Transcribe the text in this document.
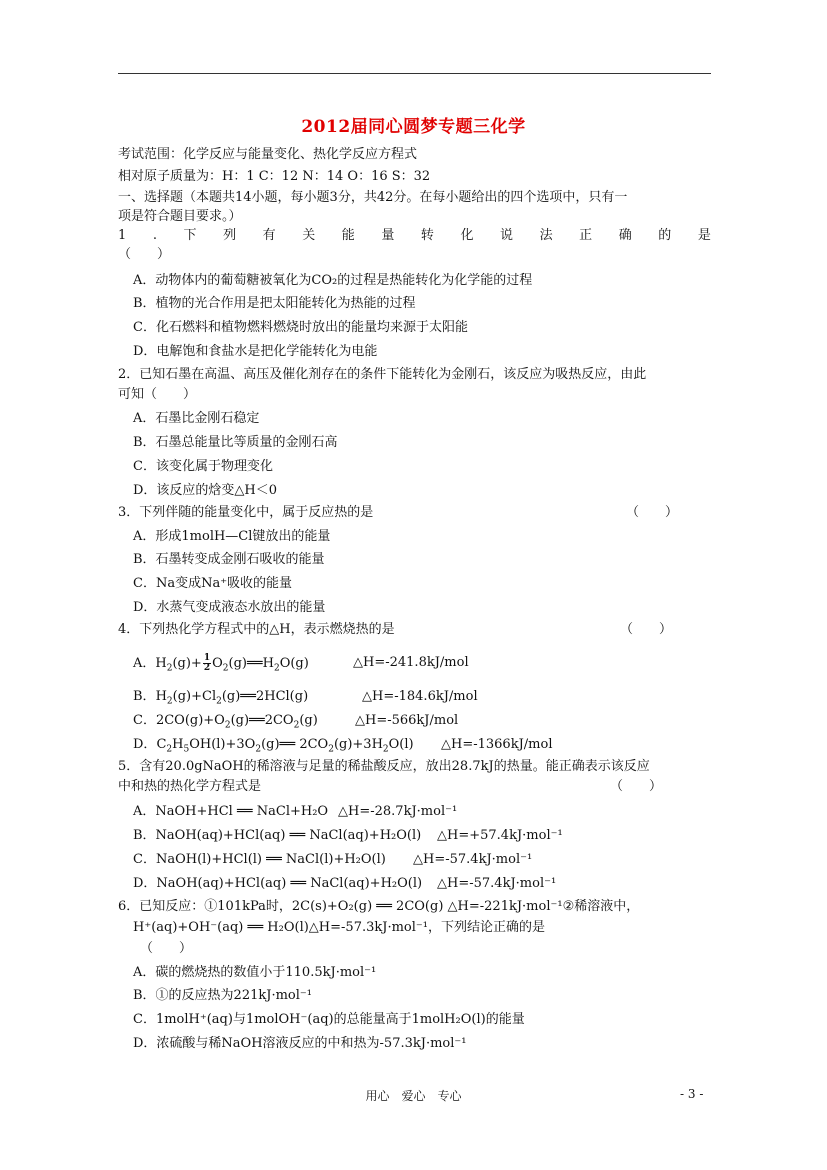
2012届同心圆梦专题三化学
考试范围：化学反应与能量变化、热化学反应方程式
相对原子质量为：H：1 C：12 N：14 O：16 S：32
一、选择题（本题共14小题，每小题3分，共42分。在每小题给出的四个选项中，只有一
项是符合题目要求。）
1 . 下 列 有 关 能 量 转 化 说 法 正 确 的 是
（　　）
A．动物体内的葡萄糖被氧化为CO₂的过程是热能转化为化学能的过程
B．植物的光合作用是把太阳能转化为热能的过程
C．化石燃料和植物燃料燃烧时放出的能量均来源于太阳能
D．电解饱和食盐水是把化学能转化为电能
2．已知石墨在高温、高压及催化剂存在的条件下能转化为金刚石，该反应为吸热反应，由此
可知（　　）
A．石墨比金刚石稳定
B．石墨总能量比等质量的金刚石高
C．该变化属于物理变化
D．该反应的焓变△H＜0
3．下列伴随的能量变化中，属于反应热的是	（　　）
A．形成1molH—Cl键放出的能量
B．石墨转变成金刚石吸收的能量
C．Na变成Na⁺吸收的能量
D．水蒸气变成液态水放出的能量
4．下列热化学方程式中的△H，表示燃烧热的是	（　　）
A．$H_2(g)+ \frac{1}{2}$ $O_2(g)══H_2O(g)$	△H=-241.8kJ/mol
B．$H_2(g)+Cl_2(g)══2HCl(g)$	△H=-184.6kJ/mol
C．$2CO(g)+O_2(g)══2CO_2(g)$	△H=-566kJ/mol
D．$C_2H_5OH(l)+3O_2(g)══$ $2CO_2(g)+3H_2O(l)$ △H=-1366kJ/mol
5．含有20.0gNaOH的稀溶液与足量的稀盐酸反应，放出28.7kJ的热量。能正确表示该反应
中和热的热化学方程式是	（　　）
A．NaOH+HCl ══ NaCl+H₂O △H=-28.7kJ·mol⁻¹
B．NaOH(aq)+HCl(aq) ══ NaCl(aq)+H₂O(l) △H=+57.4kJ·mol⁻¹
C．NaOH(l)+HCl(l) ══ NaCl(l)+H₂O(l) △H=-57.4kJ·mol⁻¹
D．NaOH(aq)+HCl(aq) ══ NaCl(aq)+H₂O(l) △H=-57.4kJ·mol⁻¹
6．已知反应：①101kPa时，2C(s)+O₂(g) ══ 2CO(g) △H=-221kJ·mol⁻¹②稀溶液中，
H⁺(aq)+OH⁻(aq) ══ H₂O(l)△H=-57.3kJ·mol⁻¹，下列结论正确的是
（　　）
A．碳的燃烧热的数值小于110.5kJ·mol⁻¹
B．①的反应热为221kJ·mol⁻¹
C．1molH⁺(aq)与1molOH⁻(aq)的总能量高于1molH₂O(l)的能量
D．浓硫酸与稀NaOH溶液反应的中和热为-57.3kJ·mol⁻¹
用心　爱心　专心	- 3 -
